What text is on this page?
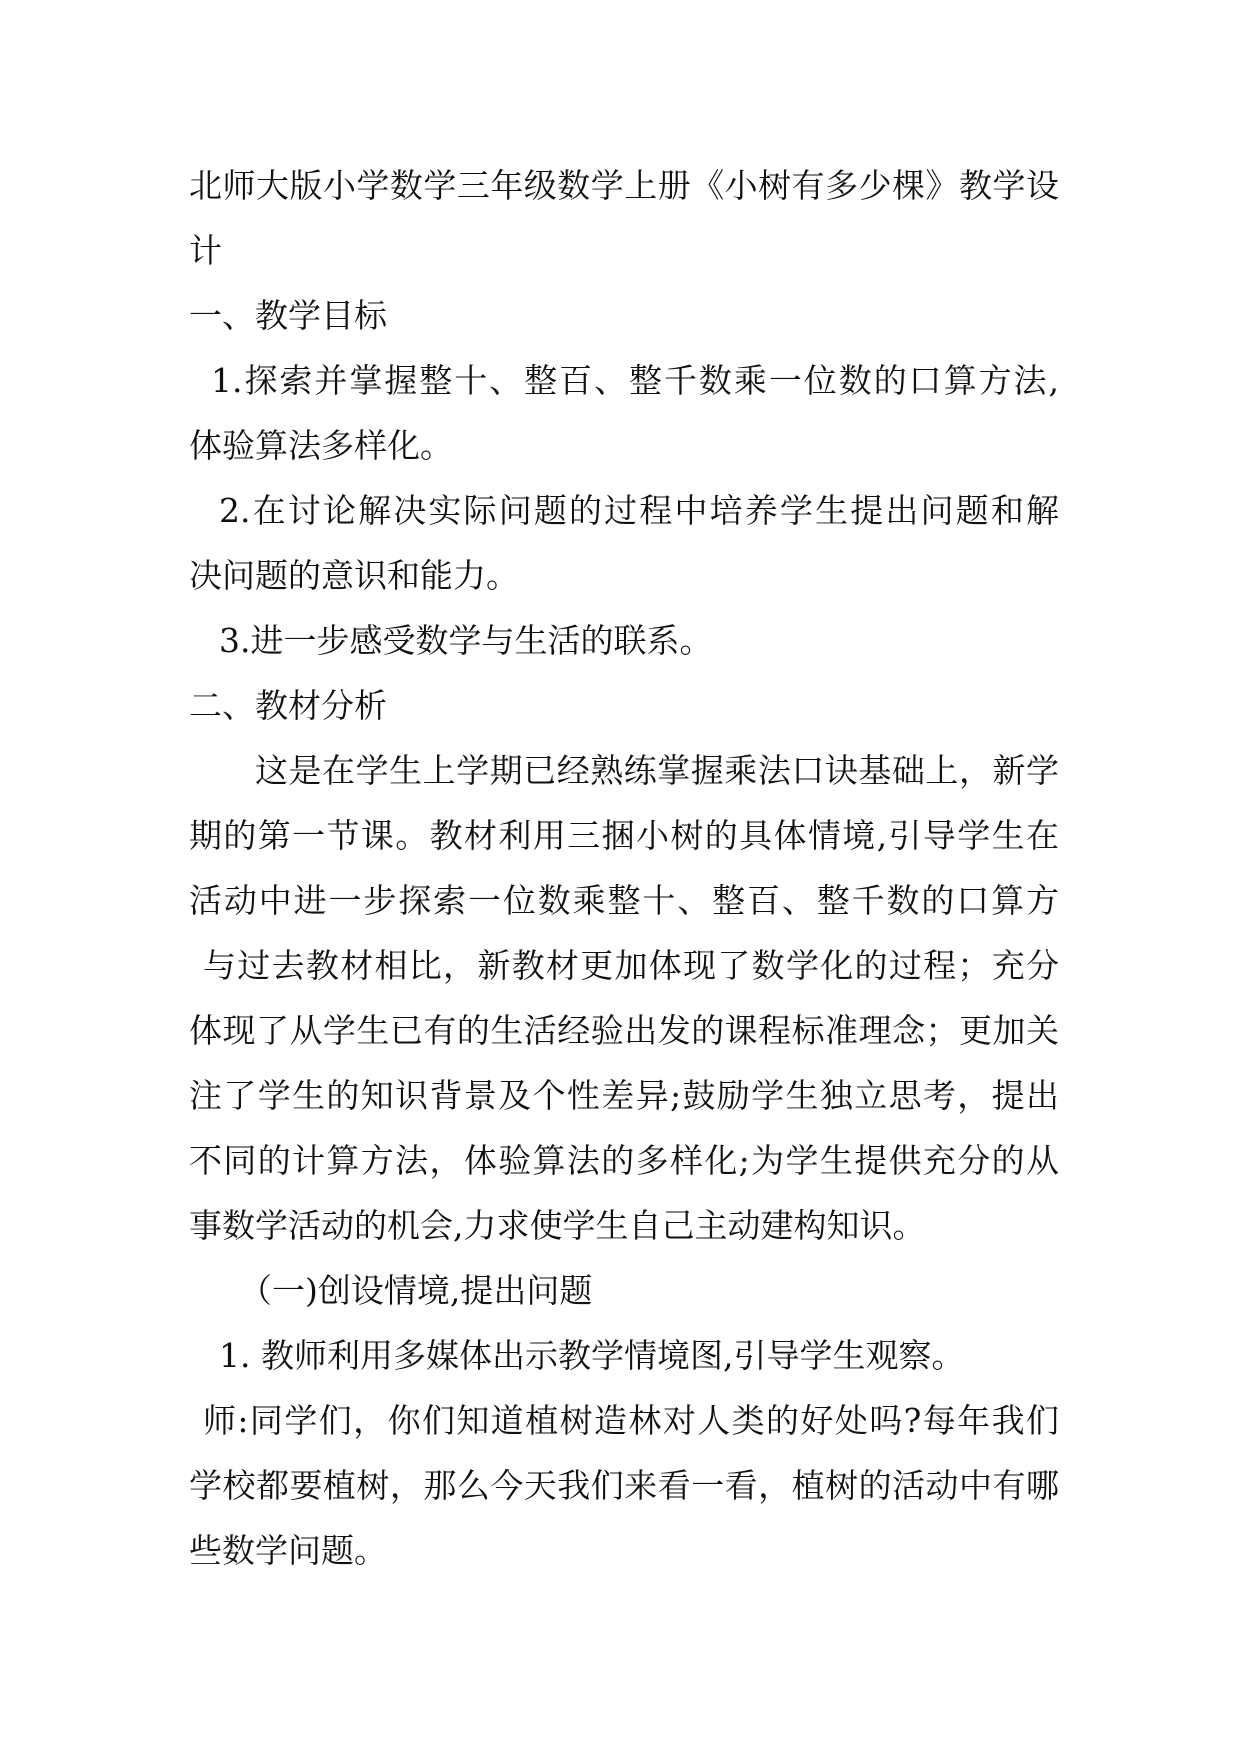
北师大版小学数学三年级数学上册《小树有多少棵》教学设
计
一、教学目标
1.探索并掌握整十、整百、整千数乘一位数的口算方法,
体验算法多样化。
2.在讨论解决实际问题的过程中培养学生提出问题和解
决问题的意识和能力。
3.进一步感受数学与生活的联系。
二、教材分析
这是在学生上学期已经熟练掌握乘法口诀基础上，新学
期的第一节课。教材利用三捆小树的具体情境,引导学生在
活动中进一步探索一位数乘整十、整百、整千数的口算方
与过去教材相比，新教材更加体现了数学化的过程；充分
体现了从学生已有的生活经验出发的课程标准理念；更加关
注了学生的知识背景及个性差异;鼓励学生独立思考，提出
不同的计算方法，体验算法的多样化;为学生提供充分的从
事数学活动的机会,力求使学生自己主动建构知识。
（一)创设情境,提出问题
1. 教师利用多媒体出示教学情境图,引导学生观察。
师:同学们，你们知道植树造林对人类的好处吗?每年我们
学校都要植树，那么今天我们来看一看，植树的活动中有哪
些数学问题。
